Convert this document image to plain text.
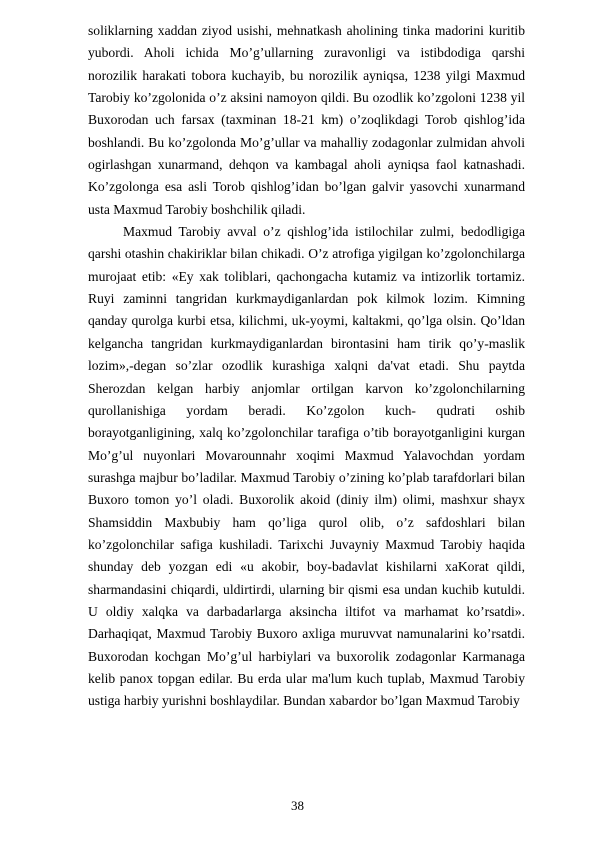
soliklarning xaddan ziyod usishi, mehnatkash aholining tinka madorini kuritib yubordi. Aholi ichida Mo’g’ullarning zuravonligi va istibdodiga qarshi norozilik harakati tobora kuchayib, bu norozilik ayniqsa, 1238 yilgi Maxmud Tarobiy ko’zgolonida o’z aksini namoyon qildi. Bu ozodlik ko’zgoloni 1238 yil Buxorodan uch farsax (taxminan 18-21 km) o’zoqlikdagi Torob qishlog’ida boshlandi. Bu ko’zgolonda Mo’g’ullar va mahalliy zodagonlar zulmidan ahvoli ogirlashgan xunarmand, dehqon va kambagal aholi ayniqsa faol katnashadi. Ko’zgolonga esa asli Torob qishlog’idan bo’lgan galvir yasovchi xunarmand usta Maxmud Tarobiy boshchilik qiladi.

Maxmud Tarobiy avval o’z qishlog’ida istilochilar zulmi, bedodligiga qarshi otashin chakiriklar bilan chikadi. O’z atrofiga yigilgan ko’zgolonchilarga murojaat etib: «Ey xak toliblari, qachongacha kutamiz va intizorlik tortamiz. Ruyi zaminni tangridan kurkmaydiganlardan pok kilmok lozim. Kimning qanday qurolga kurbi etsa, kilichmi, uk-yoymi, kaltakmi, qo’lga olsin. Qo’ldan kelgancha tangridan kurkmaydiganlardan birontasini ham tirik qo’y-maslik lozim»,-degan so’zlar ozodlik kurashiga xalqni da'vat etadi. Shu paytda Sherozdan kelgan harbiy anjomlar ortilgan karvon ko’zgolonchilarning qurollanishiga yordam beradi. Ko’zgolon kuch- qudrati oshib borayotganligining, xalq ko’zgolonchilar tarafiga o’tib borayotganligini kurgan Mo’g’ul nuyonlari Movarounnahr xoqimi Maxmud Yalavochdan yordam surashga majbur bo’ladilar. Maxmud Tarobiy o’zining ko’plab tarafdorlari bilan Buxoro tomon yo’l oladi. Buxorolik akoid (diniy ilm) olimi, mashxur shayx Shamsiddin Maxbubiy ham qo’liga qurol olib, o’z safdoshlari bilan ko’zgolonchilar safiga kushiladi. Tarixchi Juvayniy Maxmud Tarobiy haqida shunday deb yozgan edi «u akobir, boy-badavlat kishilarni xaKorat qildi, sharmandasini chiqardi, uldirtirdi, ularning bir qismi esa undan kuchib kutuldi. U oldiy xalqka va darbadarlarga aksincha iltifot va marhamat ko’rsatdi». Darhaqiqat, Maxmud Tarobiy Buxoro axliga muruvvat namunalarini ko’rsatdi. Buxorodan kochgan Mo’g’ul harbiylari va buxorolik zodagonlar Karmanaga kelib panox topgan edilar. Bu erda ular ma'lum kuch tuplab, Maxmud Tarobiy ustiga harbiy yurishni boshlaydilar. Bundan xabardor bo’lgan Maxmud Tarobiy

38
